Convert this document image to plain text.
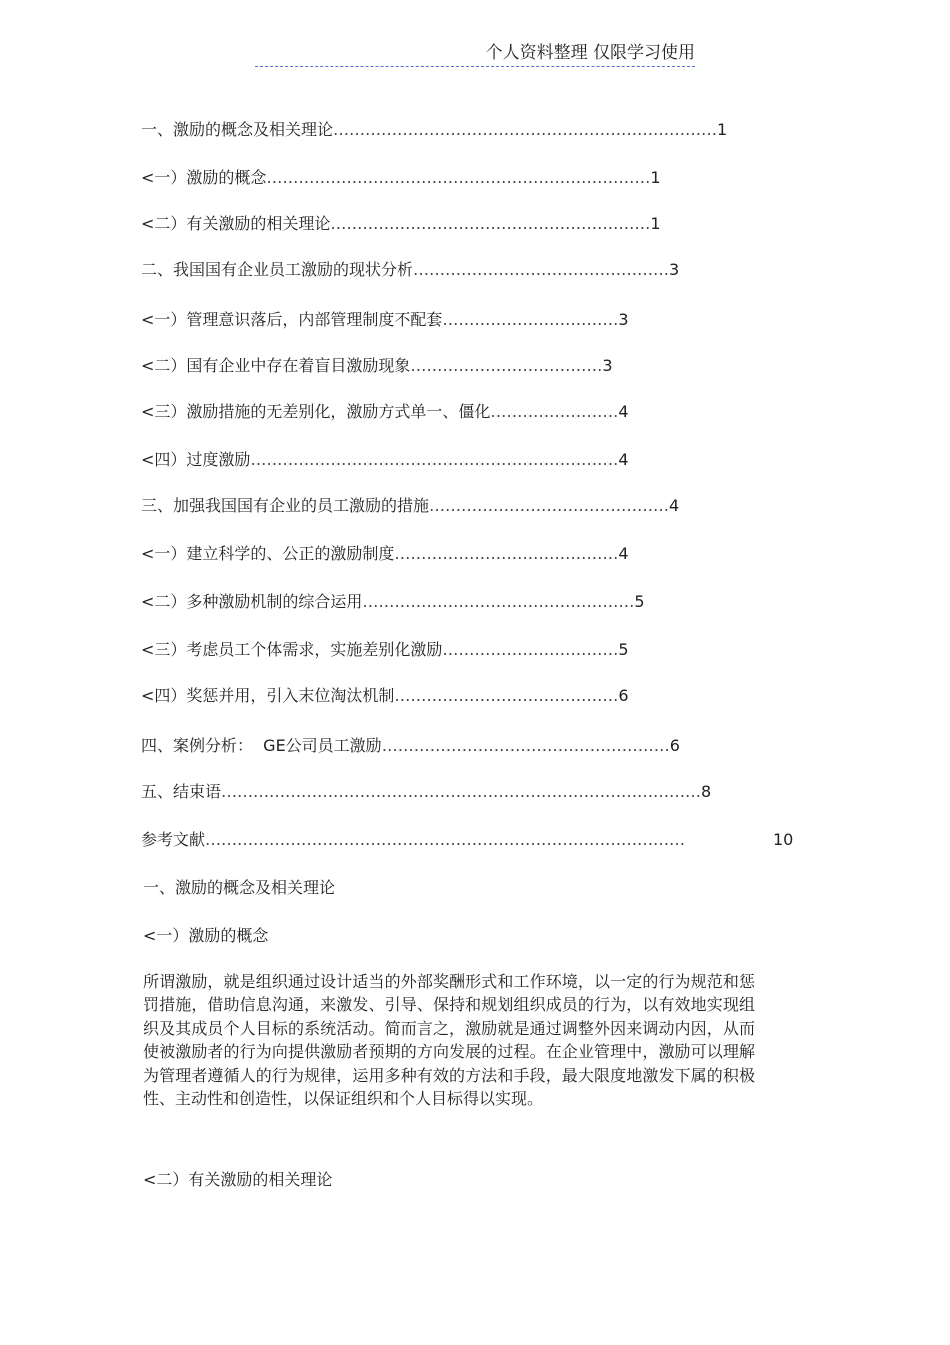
个人资料整理 仅限学习使用
一、激励的概念及相关理论………………………………………………………………1
<一）激励的概念………………………………………………………………1
<二）有关激励的相关理论……………………………………………………1
二、我国国有企业员工激励的现状分析…………………………………………3
<一）管理意识落后，内部管理制度不配套……………………………3
<二）国有企业中存在着盲目激励现象………………………………3
<三）激励措施的无差别化，激励方式单一、僵化……………………4
<四）过度激励……………………………………………………………4
三、加强我国国有企业的员工激励的措施………………………………………4
<一）建立科学的、公正的激励制度……………………………………4
<二）多种激励机制的综合运用……………………………………………5
<三）考虑员工个体需求，实施差别化激励……………………………5
<四）奖惩并用，引入末位淘汰机制……………………………………6
四、案例分析：  GE公司员工激励………………………………………………6
五、结束语………………………………………………………………………………8
参考文献………………………………………………………………………………	10
一、激励的概念及相关理论
<一）激励的概念
所谓激励，就是组织通过设计适当的外部奖酬形式和工作环境，以一定的行为规范和惩罚措施，借助信息沟通，来激发、引导、保持和规划组织成员的行为，以有效地实现组织及其成员个人目标的系统活动。简而言之，激励就是通过调整外因来调动内因，从而使被激励者的行为向提供激励者预期的方向发展的过程。在企业管理中，激励可以理解为管理者遵循人的行为规律，运用多种有效的方法和手段，最大限度地激发下属的积极性、主动性和创造性，以保证组织和个人目标得以实现。
<二）有关激励的相关理论
